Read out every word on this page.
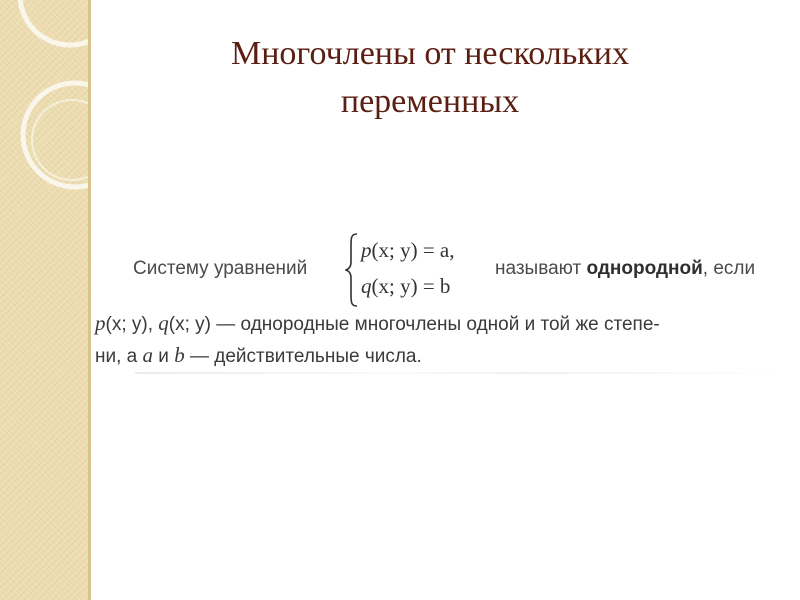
Многочлены от нескольких
переменных
Систему уравнений
p(x; y) = a,
q(x; y) = b
называют однородной, если
p(x; y), q(x; y) — однородные многочлены одной и той же степе-
ни, а a и b — действительные числа.
